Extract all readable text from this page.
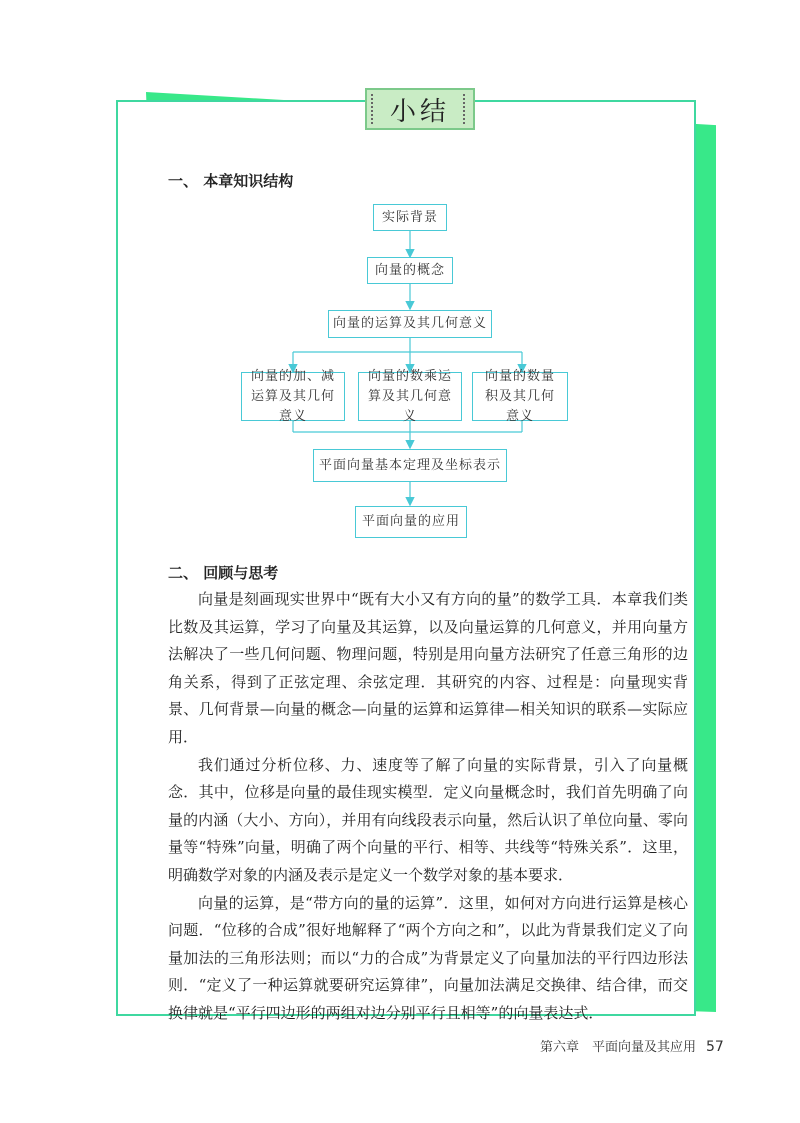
小结
一、 本章知识结构
实际背景
向量的概念
向量的运算及其几何意义
向量的加、减运算及其几何意义
向量的数乘运算及其几何意义
向量的数量积及其几何意义
平面向量基本定理及坐标表示
平面向量的应用
二、 回顾与思考

向量是刻画现实世界中“既有大小又有方向的量”的数学工具．本章我们类比数及其运算，学习了向量及其运算，以及向量运算的几何意义，并用向量方法解决了一些几何问题、物理问题，特别是用向量方法研究了任意三角形的边角关系，得到了正弦定理、余弦定理．其研究的内容、过程是：向量现实背景、几何背景—向量的概念—向量的运算和运算律—相关知识的联系—实际应用．

我们通过分析位移、力、速度等了解了向量的实际背景，引入了向量概念．其中，位移是向量的最佳现实模型．定义向量概念时，我们首先明确了向量的内涵（大小、方向），并用有向线段表示向量，然后认识了单位向量、零向量等“特殊”向量，明确了两个向量的平行、相等、共线等“特殊关系”．这里，明确数学对象的内涵及表示是定义一个数学对象的基本要求．

向量的运算，是“带方向的量的运算”．这里，如何对方向进行运算是核心问题．“位移的合成”很好地解释了“两个方向之和”，以此为背景我们定义了向量加法的三角形法则；而以“力的合成”为背景定义了向量加法的平行四边形法则．“定义了一种运算就要研究运算律”，向量加法满足交换律、结合律，而交换律就是“平行四边形的两组对边分别平行且相等”的向量表达式．

第六章　平面向量及其应用 57
